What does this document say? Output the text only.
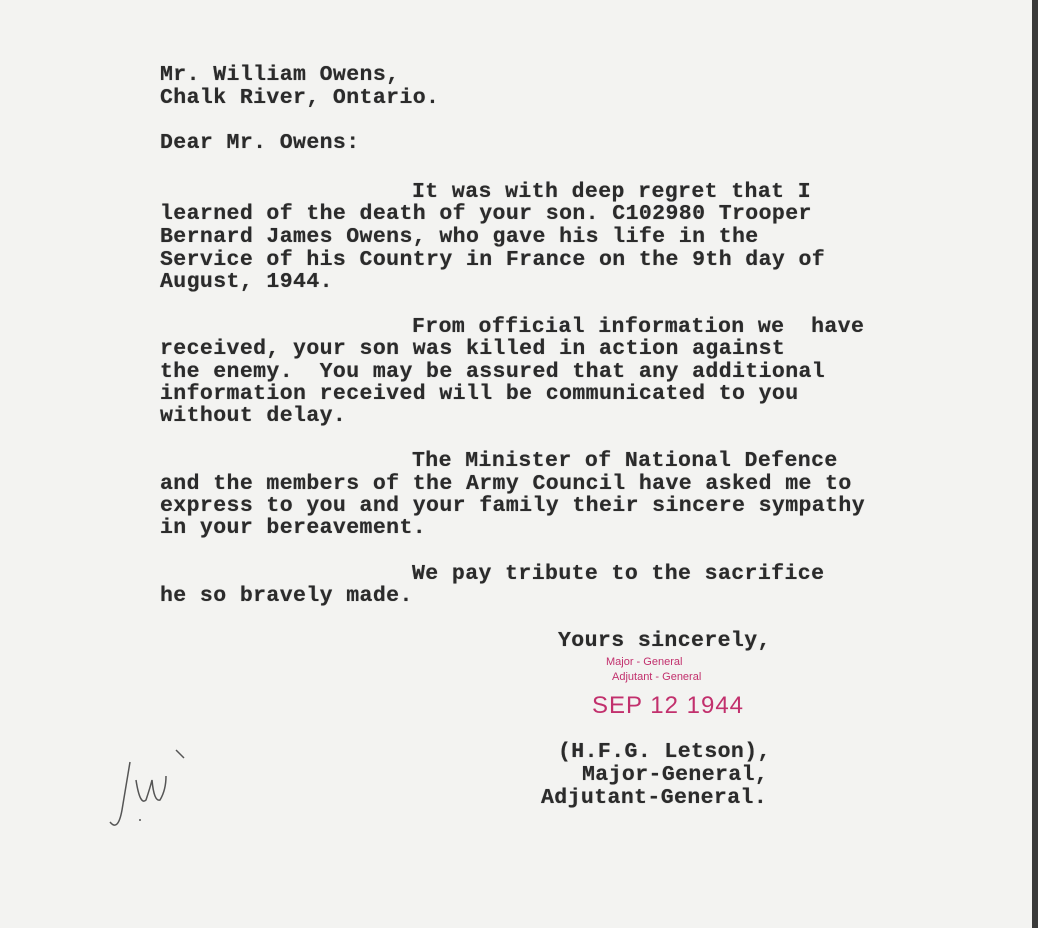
Mr. William Owens,
Chalk River, Ontario.
Dear Mr. Owens:
It was with deep regret that I
learned of the death of your son. C102980 Trooper
Bernard James Owens, who gave his life in the
Service of his Country in France on the 9th day of
August, 1944.
From official information we  have
received, your son was killed in action against
the enemy.  You may be assured that any additional
information received will be communicated to you
without delay.
The Minister of National Defence
and the members of the Army Council have asked me to
express to you and your family their sincere sympathy
in your bereavement.
We pay tribute to the sacrifice
he so bravely made.
Yours sincerely,
Major - General
Adjutant - General
SEP 12 1944
(H.F.G. Letson),
Major-General,
Adjutant-General.
